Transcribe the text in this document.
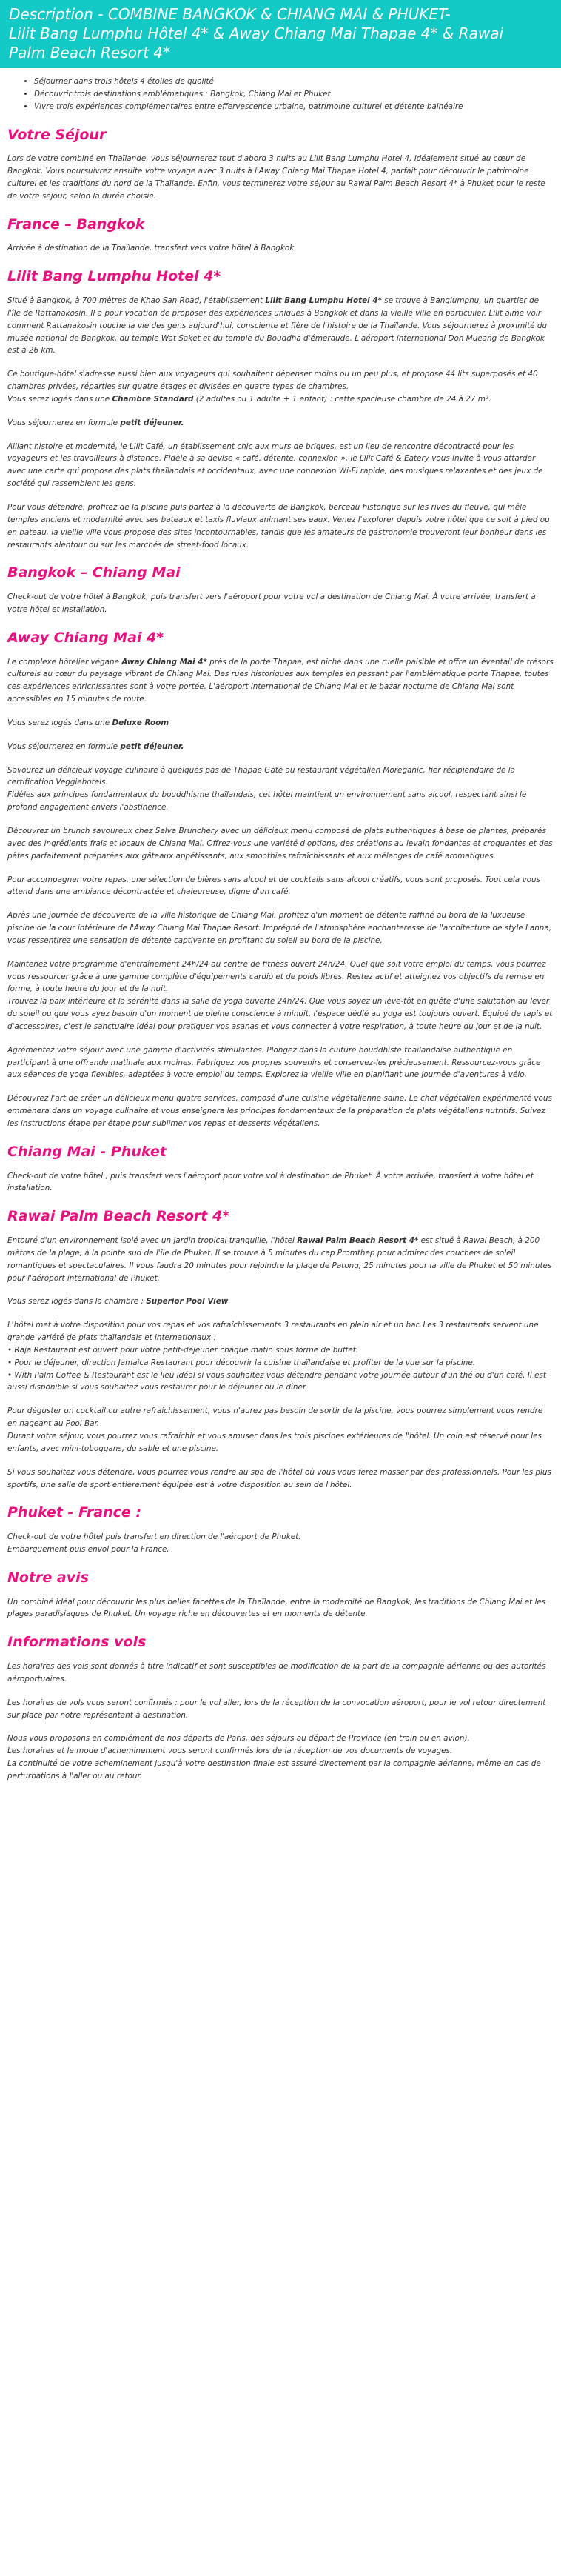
Description - COMBINE BANGKOK & CHIANG MAI & PHUKET-
Lilit Bang Lumphu Hôtel 4* & Away Chiang Mai Thapae 4* & Rawai
Palm Beach Resort 4*
• Séjourner dans trois hôtels 4 étoiles de qualité
• Découvrir trois destinations emblématiques : Bangkok, Chiang Mai et Phuket
• Vivre trois expériences complémentaires entre effervescence urbaine, patrimoine culturel et détente balnéaire
Votre Séjour

Lors de votre combiné en Thaïlande, vous séjournerez tout d'abord 3 nuits au Lilit Bang Lumphu Hotel 4, idéalement situé au cœur de Bangkok. Vous poursuivrez ensuite votre voyage avec 3 nuits à l'Away Chiang Mai Thapae Hotel 4, parfait pour découvrir le patrimoine culturel et les traditions du nord de la Thaïlande. Enfin, vous terminerez votre séjour au Rawai Palm Beach Resort 4* à Phuket pour le reste de votre séjour, selon la durée choisie.

France – Bangkok

Arrivée à destination de la Thaïlande, transfert vers votre hôtel à Bangkok.

Lilit Bang Lumphu Hotel 4*

Situé à Bangkok, à 700 mètres de Khao San Road, l'établissement Lilit Bang Lumphu Hotel 4* se trouve à Banglumphu, un quartier de l'île de Rattanakosin. Il a pour vocation de proposer des expériences uniques à Bangkok et dans la vieille ville en particulier. Lilit aime voir comment Rattanakosin touche la vie des gens aujourd'hui, consciente et fière de l'histoire de la Thaïlande. Vous séjournerez à proximité du musée national de Bangkok, du temple Wat Saket et du temple du Bouddha d'émeraude. L'aéroport international Don Mueang de Bangkok est à 26 km.

Ce boutique-hôtel s'adresse aussi bien aux voyageurs qui souhaitent dépenser moins ou un peu plus, et propose 44 lits superposés et 40 chambres privées, réparties sur quatre étages et divisées en quatre types de chambres.
Vous serez logés dans une Chambre Standard (2 adultes ou 1 adulte + 1 enfant) : cette spacieuse chambre de 24 à 27 m².

Vous séjournerez en formule petit déjeuner.

Alliant histoire et modernité, le Lilit Café, un établissement chic aux murs de briques, est un lieu de rencontre décontracté pour les voyageurs et les travailleurs à distance. Fidèle à sa devise « café, détente, connexion », le Lilit Café & Eatery vous invite à vous attarder avec une carte qui propose des plats thaïlandais et occidentaux, avec une connexion Wi-Fi rapide, des musiques relaxantes et des jeux de société qui rassemblent les gens.

Pour vous détendre, profitez de la piscine puis partez à la découverte de Bangkok, berceau historique sur les rives du fleuve, qui mêle temples anciens et modernité avec ses bateaux et taxis fluviaux animant ses eaux. Venez l'explorer depuis votre hôtel que ce soit à pied ou en bateau, la vieille ville vous propose des sites incontournables, tandis que les amateurs de gastronomie trouveront leur bonheur dans les restaurants alentour ou sur les marchés de street-food locaux.

Bangkok – Chiang Mai

Check-out de votre hôtel à Bangkok, puis transfert vers l'aéroport pour votre vol à destination de Chiang Mai. À votre arrivée, transfert à votre hôtel et installation.

Away Chiang Mai 4*

Le complexe hôtelier végane Away Chiang Mai 4* près de la porte Thapae, est niché dans une ruelle paisible et offre un éventail de trésors culturels au cœur du paysage vibrant de Chiang Mai. Des rues historiques aux temples en passant par l'emblématique porte Thapae, toutes ces expériences enrichissantes sont à votre portée. L'aéroport international de Chiang Mai et le bazar nocturne de Chiang Mai sont accessibles en 15 minutes de route.

Vous serez logés dans une Deluxe Room

Vous séjournerez en formule petit déjeuner.

Savourez un délicieux voyage culinaire à quelques pas de Thapae Gate au restaurant végétalien Moreganic, fier récipiendaire de la certification Veggiehotels.
Fidèles aux principes fondamentaux du bouddhisme thaïlandais, cet hôtel maintient un environnement sans alcool, respectant ainsi le profond engagement envers l'abstinence.

Découvrez un brunch savoureux chez Selva Brunchery avec un délicieux menu composé de plats authentiques à base de plantes, préparés avec des ingrédients frais et locaux de Chiang Mai. Offrez-vous une variété d'options, des créations au levain fondantes et croquantes et des pâtes parfaitement préparées aux gâteaux appétissants, aux smoothies rafraîchissants et aux mélanges de café aromatiques.

Pour accompagner votre repas, une sélection de bières sans alcool et de cocktails sans alcool créatifs, vous sont proposés. Tout cela vous attend dans une ambiance décontractée et chaleureuse, digne d'un café.

Après une journée de découverte de la ville historique de Chiang Mai, profitez d'un moment de détente raffiné au bord de la luxueuse piscine de la cour intérieure de l'Away Chiang Mai Thapae Resort. Imprégné de l'atmosphère enchanteresse de l'architecture de style Lanna, vous ressentirez une sensation de détente captivante en profitant du soleil au bord de la piscine.

Maintenez votre programme d'entraînement 24h/24 au centre de fitness ouvert 24h/24. Quel que soit votre emploi du temps, vous pourrez vous ressourcer grâce à une gamme complète d'équipements cardio et de poids libres. Restez actif et atteignez vos objectifs de remise en forme, à toute heure du jour et de la nuit.
Trouvez la paix intérieure et la sérénité dans la salle de yoga ouverte 24h/24. Que vous soyez un lève-tôt en quête d'une salutation au lever du soleil ou que vous ayez besoin d'un moment de pleine conscience à minuit, l'espace dédié au yoga est toujours ouvert. Équipé de tapis et d'accessoires, c'est le sanctuaire idéal pour pratiquer vos asanas et vous connecter à votre respiration, à toute heure du jour et de la nuit.

Agrémentez votre séjour avec une gamme d'activités stimulantes. Plongez dans la culture bouddhiste thaïlandaise authentique en participant à une offrande matinale aux moines. Fabriquez vos propres souvenirs et conservez-les précieusement. Ressourcez-vous grâce aux séances de yoga flexibles, adaptées à votre emploi du temps. Explorez la vieille ville en planifiant une journée d'aventures à vélo.

Découvrez l'art de créer un délicieux menu quatre services, composé d'une cuisine végétalienne saine. Le chef végétalien expérimenté vous emmènera dans un voyage culinaire et vous enseignera les principes fondamentaux de la préparation de plats végétaliens nutritifs. Suivez les instructions étape par étape pour sublimer vos repas et desserts végétaliens.

Chiang Mai - Phuket

Check-out de votre hôtel , puis transfert vers l'aéroport pour votre vol à destination de Phuket. À votre arrivée, transfert à votre hôtel et installation.

Rawai Palm Beach Resort 4*

Entouré d'un environnement isolé avec un jardin tropical tranquille, l'hôtel Rawai Palm Beach Resort 4* est situé à Rawai Beach, à 200 mètres de la plage, à la pointe sud de l'île de Phuket. Il se trouve à 5 minutes du cap Promthep pour admirer des couchers de soleil romantiques et spectaculaires. Il vous faudra 20 minutes pour rejoindre la plage de Patong, 25 minutes pour la ville de Phuket et 50 minutes pour l'aéroport international de Phuket.

Vous serez logés dans la chambre : Superior Pool View

L'hôtel met à votre disposition pour vos repas et vos rafraîchissements 3 restaurants en plein air et un bar. Les 3 restaurants servent une grande variété de plats thaïlandais et internationaux :
• Raja Restaurant est ouvert pour votre petit-déjeuner chaque matin sous forme de buffet.
• Pour le déjeuner, direction Jamaica Restaurant pour découvrir la cuisine thaïlandaise et profiter de la vue sur la piscine.
• With Palm Coffee & Restaurant est le lieu idéal si vous souhaitez vous détendre pendant votre journée autour d'un thé ou d'un café. Il est aussi disponible si vous souhaitez vous restaurer pour le déjeuner ou le dîner.

Pour déguster un cocktail ou autre rafraichissement, vous n'aurez pas besoin de sortir de la piscine, vous pourrez simplement vous rendre en nageant au Pool Bar.
Durant votre séjour, vous pourrez vous rafraichir et vous amuser dans les trois piscines extérieures de l'hôtel. Un coin est réservé pour les enfants, avec mini-toboggans, du sable et une piscine.

Si vous souhaitez vous détendre, vous pourrez vous rendre au spa de l'hôtel où vous vous ferez masser par des professionnels. Pour les plus sportifs, une salle de sport entièrement équipée est à votre disposition au sein de l'hôtel.

Phuket - France :

Check-out de votre hôtel puis transfert en direction de l'aéroport de Phuket.
Embarquement puis envol pour la France.

Notre avis

Un combiné idéal pour découvrir les plus belles facettes de la Thaïlande, entre la modernité de Bangkok, les traditions de Chiang Mai et les plages paradisiaques de Phuket. Un voyage riche en découvertes et en moments de détente.

Informations vols

Les horaires des vols sont donnés à titre indicatif et sont susceptibles de modification de la part de la compagnie aérienne ou des autorités aéroportuaires.

Les horaires de vols vous seront confirmés : pour le vol aller, lors de la réception de la convocation aéroport, pour le vol retour directement sur place par notre représentant à destination.

Nous vous proposons en complément de nos départs de Paris, des séjours au départ de Province (en train ou en avion).
Les horaires et le mode d'acheminement vous seront confirmés lors de la réception de vos documents de voyages.
La continuité de votre acheminement jusqu'à votre destination finale est assuré directement par la compagnie aérienne, même en cas de perturbations à l'aller ou au retour.
